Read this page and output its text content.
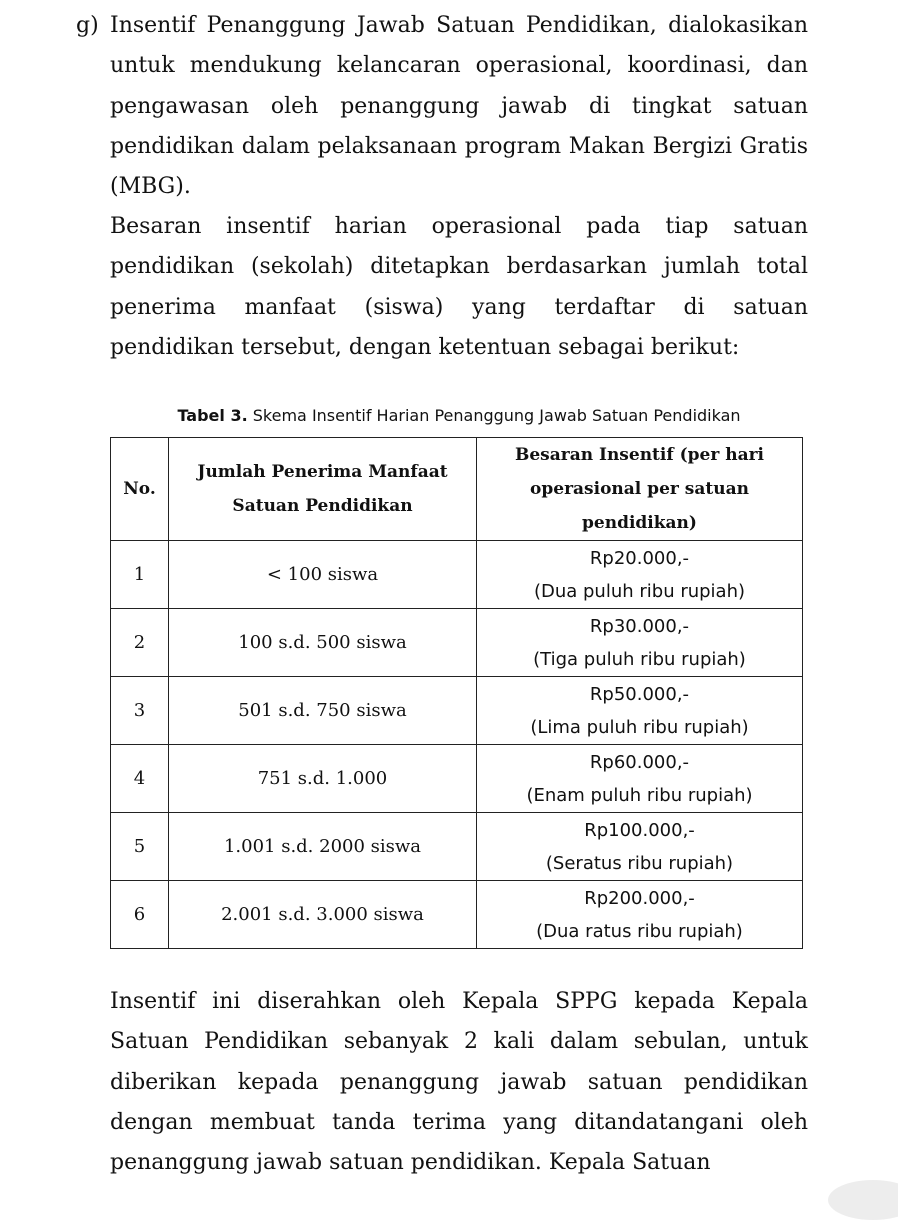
g) Insentif Penanggung Jawab Satuan Pendidikan, dialokasikan untuk mendukung kelancaran operasional, koordinasi, dan pengawasan oleh penanggung jawab di tingkat satuan pendidikan dalam pelaksanaan program Makan Bergizi Gratis (MBG).

Besaran insentif harian operasional pada tiap satuan pendidikan (sekolah) ditetapkan berdasarkan jumlah total penerima manfaat (siswa) yang terdaftar di satuan pendidikan tersebut, dengan ketentuan sebagai berikut:

Tabel 3. Skema Insentif Harian Penanggung Jawab Satuan Pendidikan
No.	Jumlah Penerima Manfaat Satuan Pendidikan	Besaran Insentif (per hari operasional per satuan pendidikan)
1	< 100 siswa	Rp20.000,-
(Dua puluh ribu rupiah)

2	100 s.d. 500 siswa	Rp30.000,-
(Tiga puluh ribu rupiah)

3	501 s.d. 750 siswa	Rp50.000,-
(Lima puluh ribu rupiah)

4	751 s.d. 1.000	Rp60.000,-
(Enam puluh ribu rupiah)

5	1.001 s.d. 2000 siswa	Rp100.000,-
(Seratus ribu rupiah)

6	2.001 s.d. 3.000 siswa	Rp200.000,-
(Dua ratus ribu rupiah)

Insentif ini diserahkan oleh Kepala SPPG kepada Kepala Satuan Pendidikan sebanyak 2 kali dalam sebulan, untuk diberikan kepada penanggung jawab satuan pendidikan dengan membuat tanda terima yang ditandatangani oleh penanggung jawab satuan pendidikan. Kepala Satuan
